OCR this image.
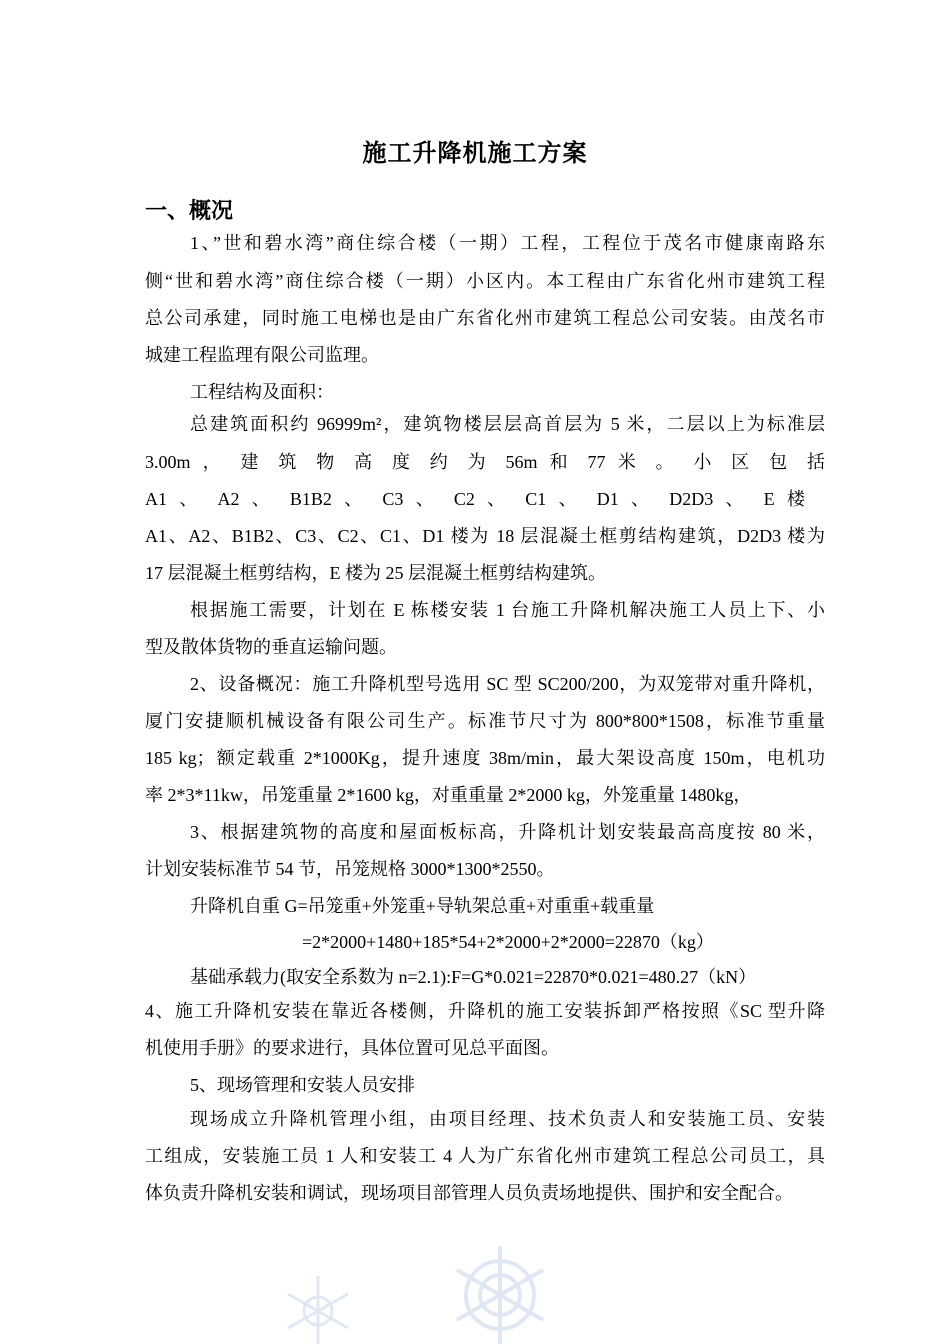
施工升降机施工方案
一、概况
1、”世和碧水湾”商住综合楼（一期）工程，工程位于茂名市健康南路东
侧“世和碧水湾”商住综合楼（一期）小区内。本工程由广东省化州市建筑工程
总公司承建，同时施工电梯也是由广东省化州市建筑工程总公司安装。由茂名市
城建工程监理有限公司监理。
工程结构及面积：
总建筑面积约 96999m²，建筑物楼层层高首层为 5 米，二层以上为标准层
3.00m ， 建 筑 物 高 度 约 为 56m 和 77 米 。 小 区 包 括
A1 、 A2 、 B1B2 、 C3 、 C2 、 C1 、 D1 、 D2D3 、 E 楼
A1、A2、B1B2、C3、C2、C1、D1 楼为 18 层混凝土框剪结构建筑，D2D3 楼为
17 层混凝土框剪结构，E 楼为 25 层混凝土框剪结构建筑。
根据施工需要，计划在 E 栋楼安装 1 台施工升降机解决施工人员上下、小
型及散体货物的垂直运输问题。
2、设备概况：施工升降机型号选用 SC 型 SC200/200，为双笼带对重升降机，
厦门安捷顺机械设备有限公司生产。标准节尺寸为 800*800*1508，标准节重量
185 kg；额定载重 2*1000Kg，提升速度 38m/min，最大架设高度 150m，电机功
率 2*3*11kw，吊笼重量 2*1600 kg，对重重量 2*2000 kg，外笼重量 1480kg，
3、根据建筑物的高度和屋面板标高，升降机计划安装最高高度按 80 米，
计划安装标准节 54 节，吊笼规格 3000*1300*2550。
升降机自重 G=吊笼重+外笼重+导轨架总重+对重重+载重量
=2*2000+1480+185*54+2*2000+2*2000=22870（kg）
基础承载力(取安全系数为 n=2.1):F=G*0.021=22870*0.021=480.27（kN）
4、施工升降机安装在靠近各楼侧，升降机的施工安装拆卸严格按照《SC 型升降
机使用手册》的要求进行，具体位置可见总平面图。
5、现场管理和安装人员安排
现场成立升降机管理小组，由项目经理、技术负责人和安装施工员、安装
工组成，安装施工员 1 人和安装工 4 人为广东省化州市建筑工程总公司员工，具
体负责升降机安装和调试，现场项目部管理人员负责场地提供、围护和安全配合。
